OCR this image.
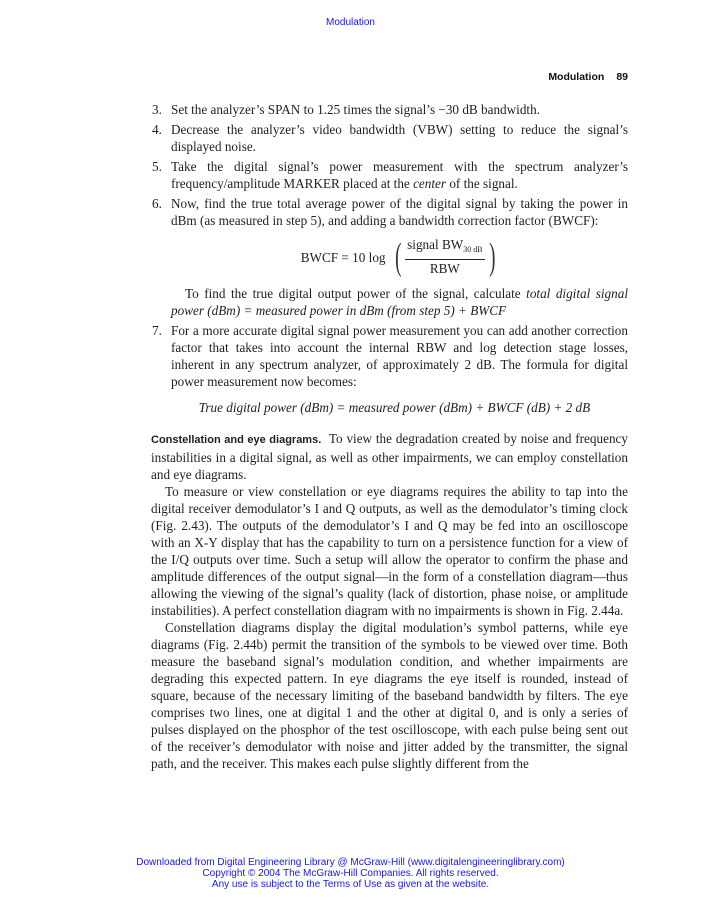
Modulation
Modulation 89
3. Set the analyzer’s SPAN to 1.25 times the signal’s −30 dB bandwidth.
4. Decrease the analyzer’s video bandwidth (VBW) setting to reduce the signal’s displayed noise.
5. Take the digital signal’s power measurement with the spectrum analyzer’s frequency/amplitude MARKER placed at the center of the signal.
6. Now, find the true total average power of the digital signal by taking the power in dBm (as measured in step 5), and adding a bandwidth correction factor (BWCF):
BWCF = 10 log ( $\frac{signal BW_{30 dB}}{\text{RBW}}$ )
To find the true digital output power of the signal, calculate total digital signal power (dBm) = measured power in dBm (from step 5) + BWCF
7. For a more accurate digital signal power measurement you can add another correction factor that takes into account the internal RBW and log detection stage losses, inherent in any spectrum analyzer, of approximately 2 dB. The formula for digital power measurement now becomes:
True digital power (dBm) = measured power (dBm) + BWCF (dB) + 2 dB

Constellation and eye diagrams. To view the degradation created by noise and frequency instabilities in a digital signal, as well as other impairments, we can employ constellation and eye diagrams.

To measure or view constellation or eye diagrams requires the ability to tap into the digital receiver demodulator’s I and Q outputs, as well as the demodulator’s timing clock (Fig. 2.43). The outputs of the demodulator’s I and Q may be fed into an oscilloscope with an X-Y display that has the capability to turn on a persistence function for a view of the I/Q outputs over time. Such a setup will allow the operator to confirm the phase and amplitude differences of the output signal—in the form of a constellation diagram—thus allowing the viewing of the signal’s quality (lack of distortion, phase noise, or amplitude instabilities). A perfect constellation diagram with no impairments is shown in Fig. 2.44a.

Constellation diagrams display the digital modulation’s symbol patterns, while eye diagrams (Fig. 2.44b) permit the transition of the symbols to be viewed over time. Both measure the baseband signal’s modulation condition, and whether impairments are degrading this expected pattern. In eye diagrams the eye itself is rounded, instead of square, because of the necessary limiting of the baseband bandwidth by filters. The eye comprises two lines, one at digital 1 and the other at digital 0, and is only a series of pulses displayed on the phosphor of the test oscilloscope, with each pulse being sent out of the receiver’s demodulator with noise and jitter added by the transmitter, the signal path, and the receiver. This makes each pulse slightly different from the

Downloaded from Digital Engineering Library @ McGraw-Hill (www.digitalengineeringlibrary.com)
Copyright © 2004 The McGraw-Hill Companies. All rights reserved.
Any use is subject to the Terms of Use as given at the website.
